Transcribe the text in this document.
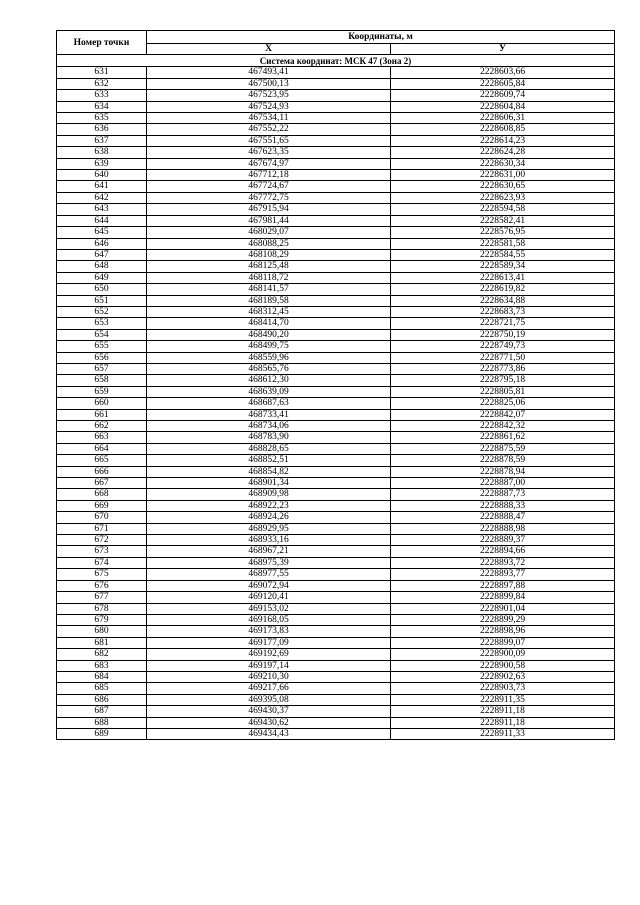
Номер точки	Координаты, м	
	Х	У
Система координат: МСК 47 (Зона 2)		
631	467493,41	2228603,66
632	467500,13	2228605,84
633	467523,95	2228609,74
634	467524,93	2228604,84
635	467534,11	2228606,31
636	467552,22	2228608,85
637	467551,65	2228614,23
638	467623,35	2228624,28
639	467674,97	2228630,34
640	467712,18	2228631,00
641	467724,67	2228630,65
642	467772,75	2228623,93
643	467915,94	2228594,58
644	467981,44	2228582,41
645	468029,07	2228576,95
646	468088,25	2228581,58
647	468108,29	2228584,55
648	468125,48	2228589,34
649	468118,72	2228613,41
650	468141,57	2228619,82
651	468189,58	2228634,88
652	468312,45	2228683,73
653	468414,70	2228721,75
654	468490,20	2228750,19
655	468499,75	2228749,73
656	468559,96	2228771,50
657	468565,76	2228773,86
658	468612,30	2228795,18
659	468639,09	2228805,81
660	468687,63	2228825,06
661	468733,41	2228842,07
662	468734,06	2228842,32
663	468783,90	2228861,62
664	468828,65	2228875,59
665	468852,51	2228878,59
666	468854,82	2228878,94
667	468901,34	2228887,00
668	468909,98	2228887,73
669	468922,23	2228888,33
670	468924,26	2228888,47
671	468929,95	2228888,98
672	468933,16	2228889,37
673	468967,21	2228894,66
674	468975,39	2228893,72
675	468977,55	2228893,77
676	469072,94	2228897,88
677	469120,41	2228899,84
678	469153,02	2228901,04
679	469168,05	2228899,29
680	469173,83	2228898,96
681	469177,09	2228899,07
682	469192,69	2228900,09
683	469197,14	2228900,58
684	469210,30	2228902,63
685	469217,66	2228903,73
686	469395,08	2228911,35
687	469430,37	2228911,18
688	469430,62	2228911,18
689	469434,43	2228911,33
